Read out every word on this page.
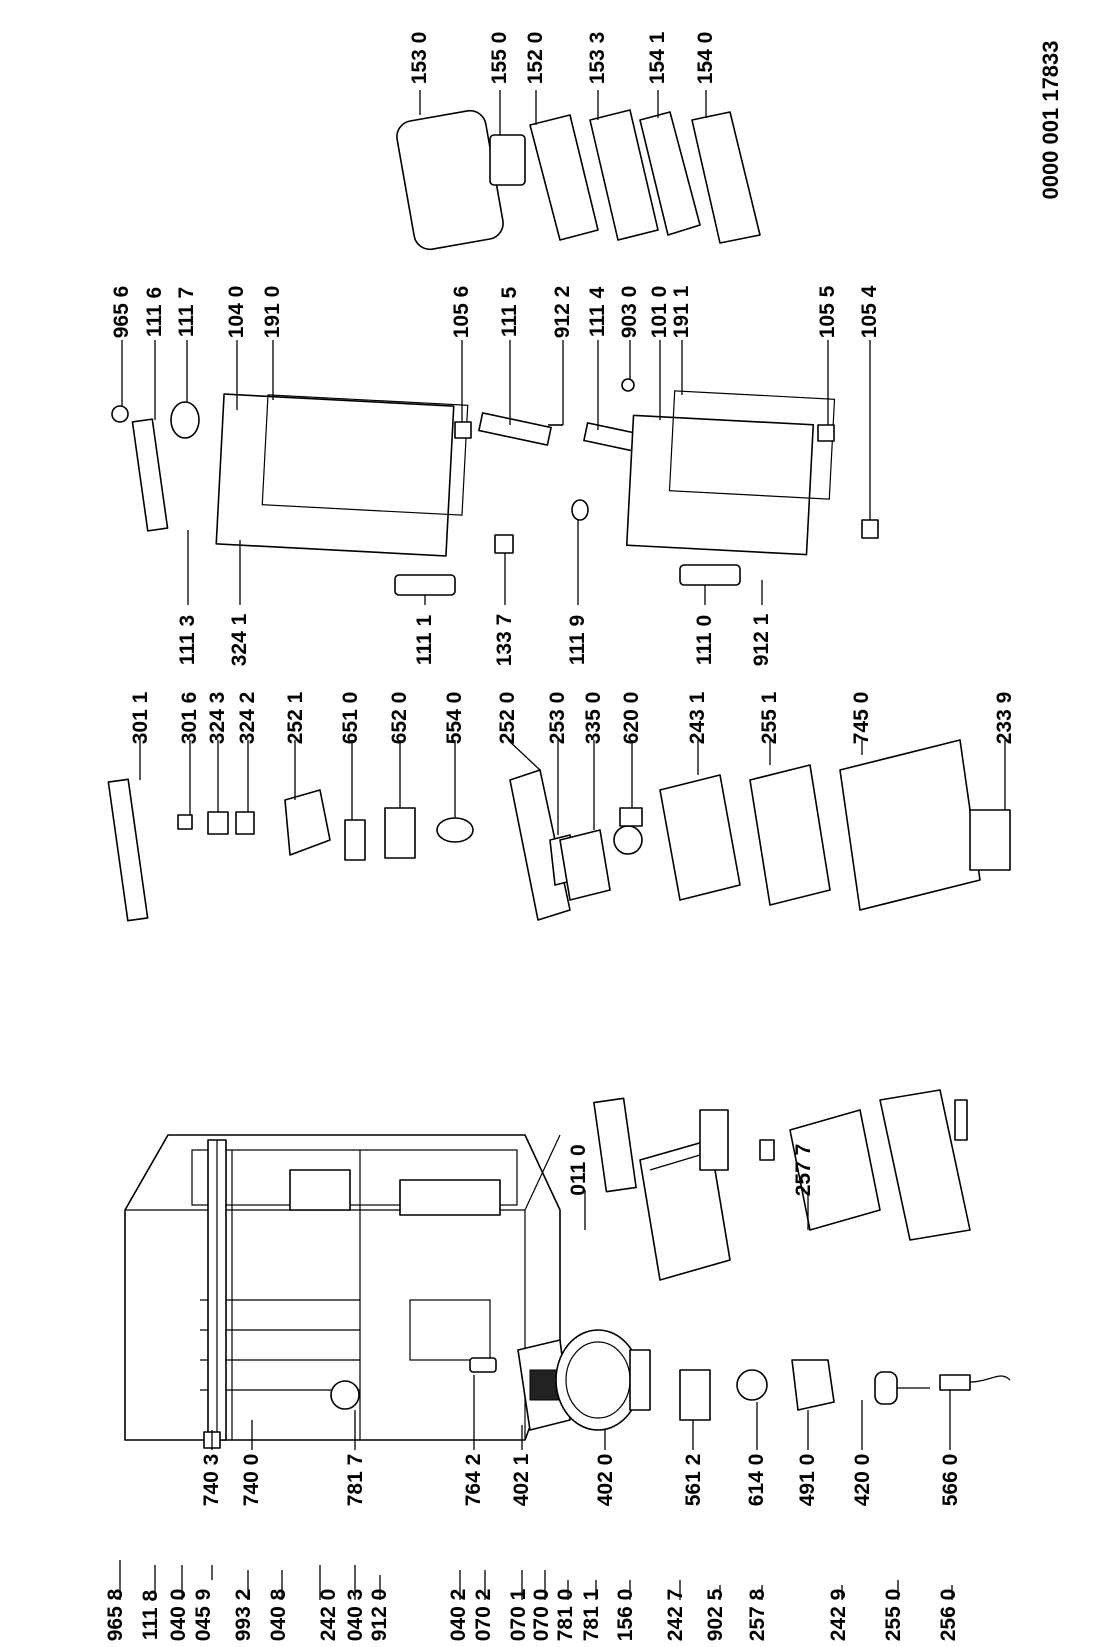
965 8 111 8 040 0 045 9 993 2 040 8 242 0 040 3 912 0	040 2 070 2 070 1 070 0 781 0 781 1 156 0 242 7 902 5 257 8	242 9 255 0 256 0
011 0	257 7
740 3 740 0	781 7	764 2 402 1	402 0	561 2 614 0 491 0 420 0	566 0
301 1 301 6 324 3 324 2 252 1 651 0 652 0 554 0 252 0 253 0 335 0 620 0 243 1 255 1	745 0	233 9
111 3 324 1	111 1	133 7 111 9	111 0 912 1
965 6 111 6 111 7 104 0 191 0	105 6 111 5 912 2 111 4 903 0 101 0 191 1	105 5 105 4
153 0	155 0 152 0 153 3 154 1 154 0	0000 001 17833
